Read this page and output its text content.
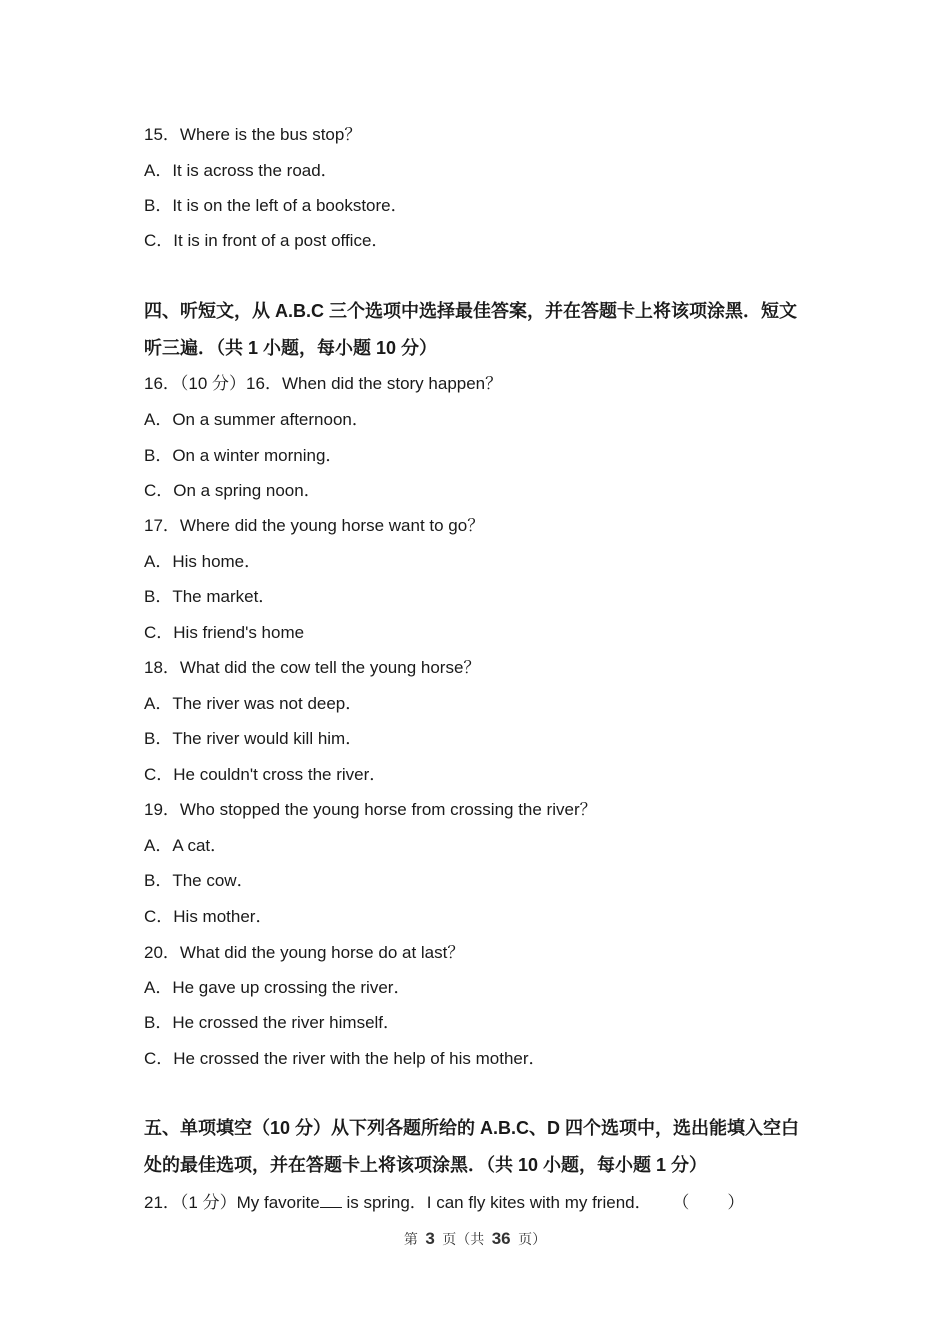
15．Where is the bus stop？
A．It is across the road．
B．It is on the left of a bookstore．
C．It is in front of a post office．
四、听短文，从 A.B.C 三个选项中选择最佳答案，并在答题卡上将该项涂黑．短文听三遍．（共 1 小题，每小题 10 分）
16．（10 分）16．When did the story happen？
A．On a summer afternoon．
B．On a winter morning．
C．On a spring noon．
17．Where did the young horse want to go？
A．His home．
B．The market．
C．His friend's home
18．What did the cow tell the young horse？
A．The river was not deep．
B．The river would kill him．
C．He couldn't cross the river．
19．Who stopped the young horse from crossing the river？
A．A cat．
B．The cow．
C．His mother．
20．What did the young horse do at last？
A．He gave up crossing the river．
B．He crossed the river himself．
C．He crossed the river with the help of his mother．
五、单项填空（10 分）从下列各题所给的 A.B.C、D 四个选项中，选出能填入空白处的最佳选项，并在答题卡上将该项涂黑．（共 10 小题，每小题 1 分）
21．（1 分）My favorite is spring．I can fly kites with my friend． （ ）
第 3 页（共 36 页）
